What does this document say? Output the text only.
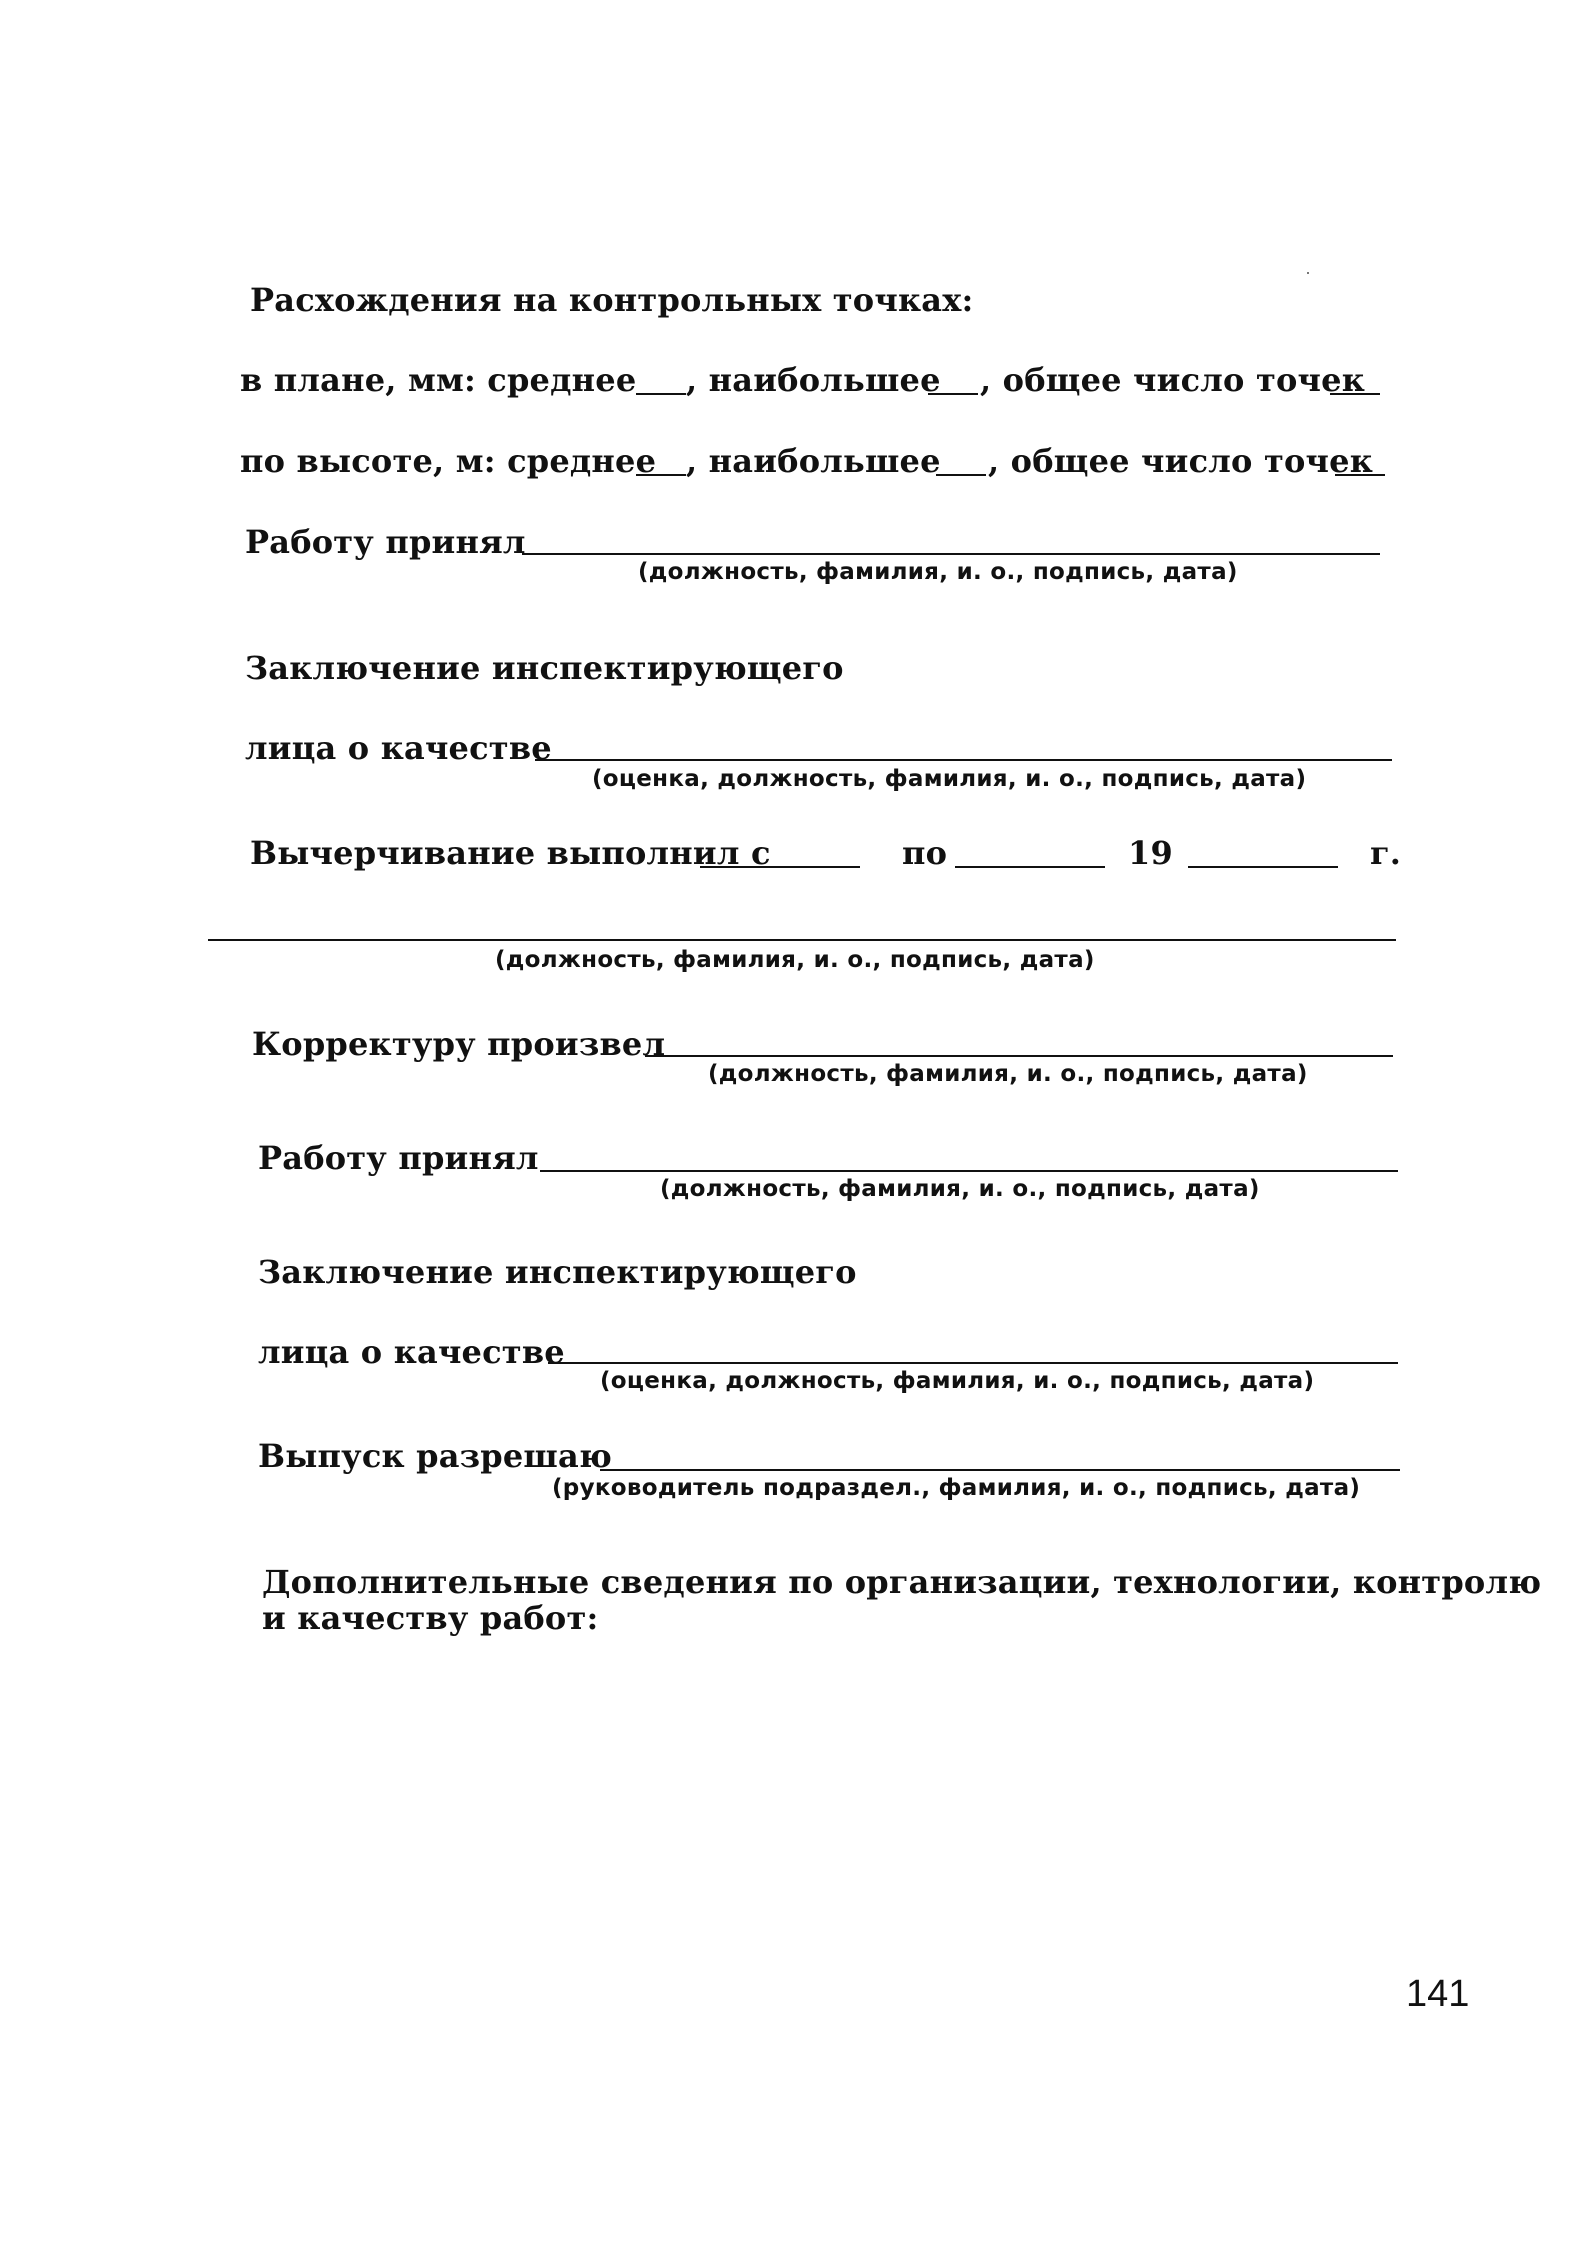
Расхождения на контрольных точках:
в плане, мм: среднее , наибольшее , общее число точек
по высоте, м: среднее , наибольшее , общее число точек
Работу принял
(должность, фамилия, и. о., подпись, дата)
Заключение инспектирующего
лица о качестве
(оценка, должность, фамилия, и. о., подпись, дата)
Вычерчивание выполнил с	по	19	г.
(должность, фамилия, и. о., подпись, дата)
Корректуру произвел
(должность, фамилия, и. о., подпись, дата)
Работу принял
(должность, фамилия, и. о., подпись, дата)
Заключение инспектирующего
лица о качестве
(оценка, должность, фамилия, и. о., подпись, дата)
Выпуск разрешаю
(руководитель подраздел., фамилия, и. о., подпись, дата)
Дополнительные сведения по организации, технологии, контролю
и качеству работ:
141
